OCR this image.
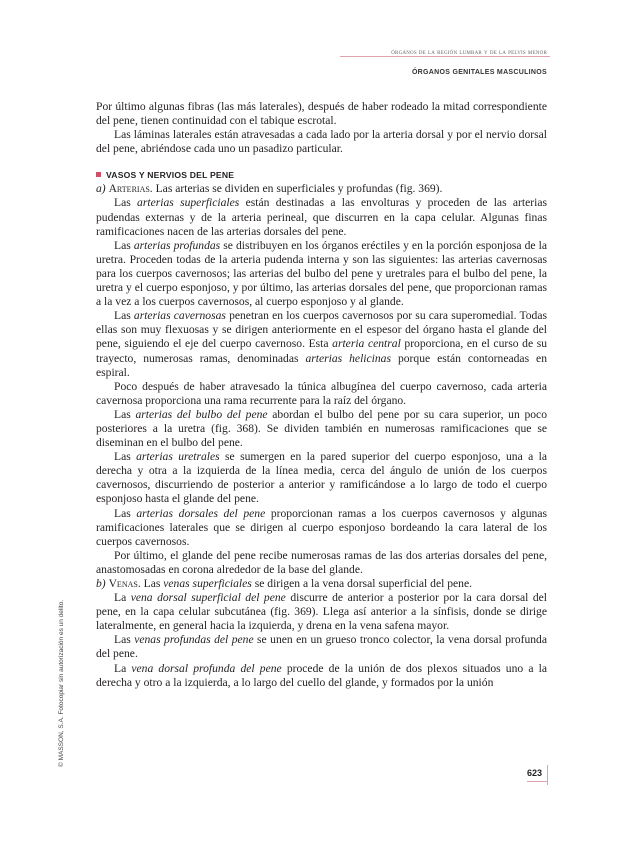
órganos de la región lumbar y de la pelvis menor
ÓRGANOS GENITALES MASCULINOS

Por último algunas fibras (las más laterales), después de haber rodeado la mitad correspondiente del pene, tienen continuidad con el tabique escrotal.

Las láminas laterales están atravesadas a cada lado por la arteria dorsal y por el nervio dorsal del pene, abriéndose cada uno un pasadizo particular.

VASOS Y NERVIOS DEL PENE

a) Arterias. Las arterias se dividen en superficiales y profundas (fig. 369).

Las arterias superficiales están destinadas a las envolturas y proceden de las arterias pudendas externas y de la arteria perineal, que discurren en la capa celular. Algunas finas ramificaciones nacen de las arterias dorsales del pene.

Las arterias profundas se distribuyen en los órganos eréctiles y en la porción esponjosa de la uretra. Proceden todas de la arteria pudenda interna y son las siguientes: las arterias cavernosas para los cuerpos cavernosos; las arterias del bulbo del pene y uretrales para el bulbo del pene, la uretra y el cuerpo esponjoso, y por último, las arterias dorsales del pene, que proporcionan ramas a la vez a los cuerpos cavernosos, al cuerpo esponjoso y al glande.

Las arterias cavernosas penetran en los cuerpos cavernosos por su cara superomedial. Todas ellas son muy flexuosas y se dirigen anteriormente en el espesor del órgano hasta el glande del pene, siguiendo el eje del cuerpo cavernoso. Esta arteria central proporciona, en el curso de su trayecto, numerosas ramas, denominadas arterias helicinas porque están contorneadas en espiral.

Poco después de haber atravesado la túnica albugínea del cuerpo cavernoso, cada arteria cavernosa proporciona una rama recurrente para la raíz del órgano.

Las arterias del bulbo del pene abordan el bulbo del pene por su cara superior, un poco posteriores a la uretra (fig. 368). Se dividen también en numerosas ramificaciones que se diseminan en el bulbo del pene.

Las arterias uretrales se sumergen en la pared superior del cuerpo esponjoso, una a la derecha y otra a la izquierda de la línea media, cerca del ángulo de unión de los cuerpos cavernosos, discurriendo de posterior a anterior y ramificándose a lo largo de todo el cuerpo esponjoso hasta el glande del pene.

Las arterias dorsales del pene proporcionan ramas a los cuerpos cavernosos y algunas ramificaciones laterales que se dirigen al cuerpo esponjoso bordeando la cara lateral de los cuerpos cavernosos.

Por último, el glande del pene recibe numerosas ramas de las dos arterias dorsales del pene, anastomosadas en corona alrededor de la base del glande.

b) Venas. Las venas superficiales se dirigen a la vena dorsal superficial del pene.

La vena dorsal superficial del pene discurre de anterior a posterior por la cara dorsal del pene, en la capa celular subcutánea (fig. 369). Llega así anterior a la sínfisis, donde se dirige lateralmente, en general hacia la izquierda, y drena en la vena safena mayor.

Las venas profundas del pene se unen en un grueso tronco colector, la vena dorsal profunda del pene.

La vena dorsal profunda del pene procede de la unión de dos plexos situados uno a la derecha y otro a la izquierda, a lo largo del cuello del glande, y formados por la unión

© MASSON, S.A. Fotocopiar sin autorización es un delito.
623
